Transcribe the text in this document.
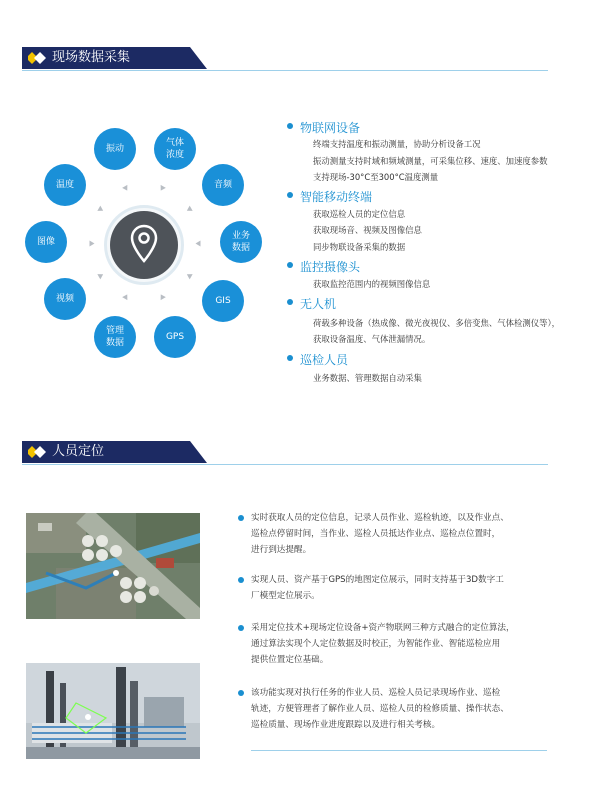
现场数据采集
振动
气体
浓度
温度	音频
图像
业务
数据
视频	GIS
管理
数据
GPS
物联网设备
终端支持温度和振动测量，协助分析设备工况
振动测量支持时域和频域测量，可采集位移、速度、加速度参数
支持现场-30°C至300°C温度测量
智能移动终端
获取巡检人员的定位信息
获取现场音、视频及图像信息
同步物联设备采集的数据
监控摄像头
获取监控范围内的视频图像信息
无人机
荷载多种设备（热成像、微光夜视仪、多倍变焦、气体检测仪等），
获取设备温度、气体泄漏情况。
巡检人员
业务数据、管理数据自动采集
人员定位
实时获取人员的定位信息，记录人员作业、巡检轨迹，以及作业点、
巡检点停留时间，当作业、巡检人员抵达作业点、巡检点位置时，
进行到达提醒。
实现人员、资产基于GPS的地图定位展示，同时支持基于3D数字工
厂模型定位展示。
采用定位技术+现场定位设备+资产物联网三种方式融合的定位算法，
通过算法实现个人定位数据及时校正，为智能作业、智能巡检应用
提供位置定位基础。
该功能实现对执行任务的作业人员、巡检人员记录现场作业、巡检
轨迹，方便管理者了解作业人员、巡检人员的检修质量、操作状态、
巡检质量、现场作业进度跟踪以及进行相关考核。
